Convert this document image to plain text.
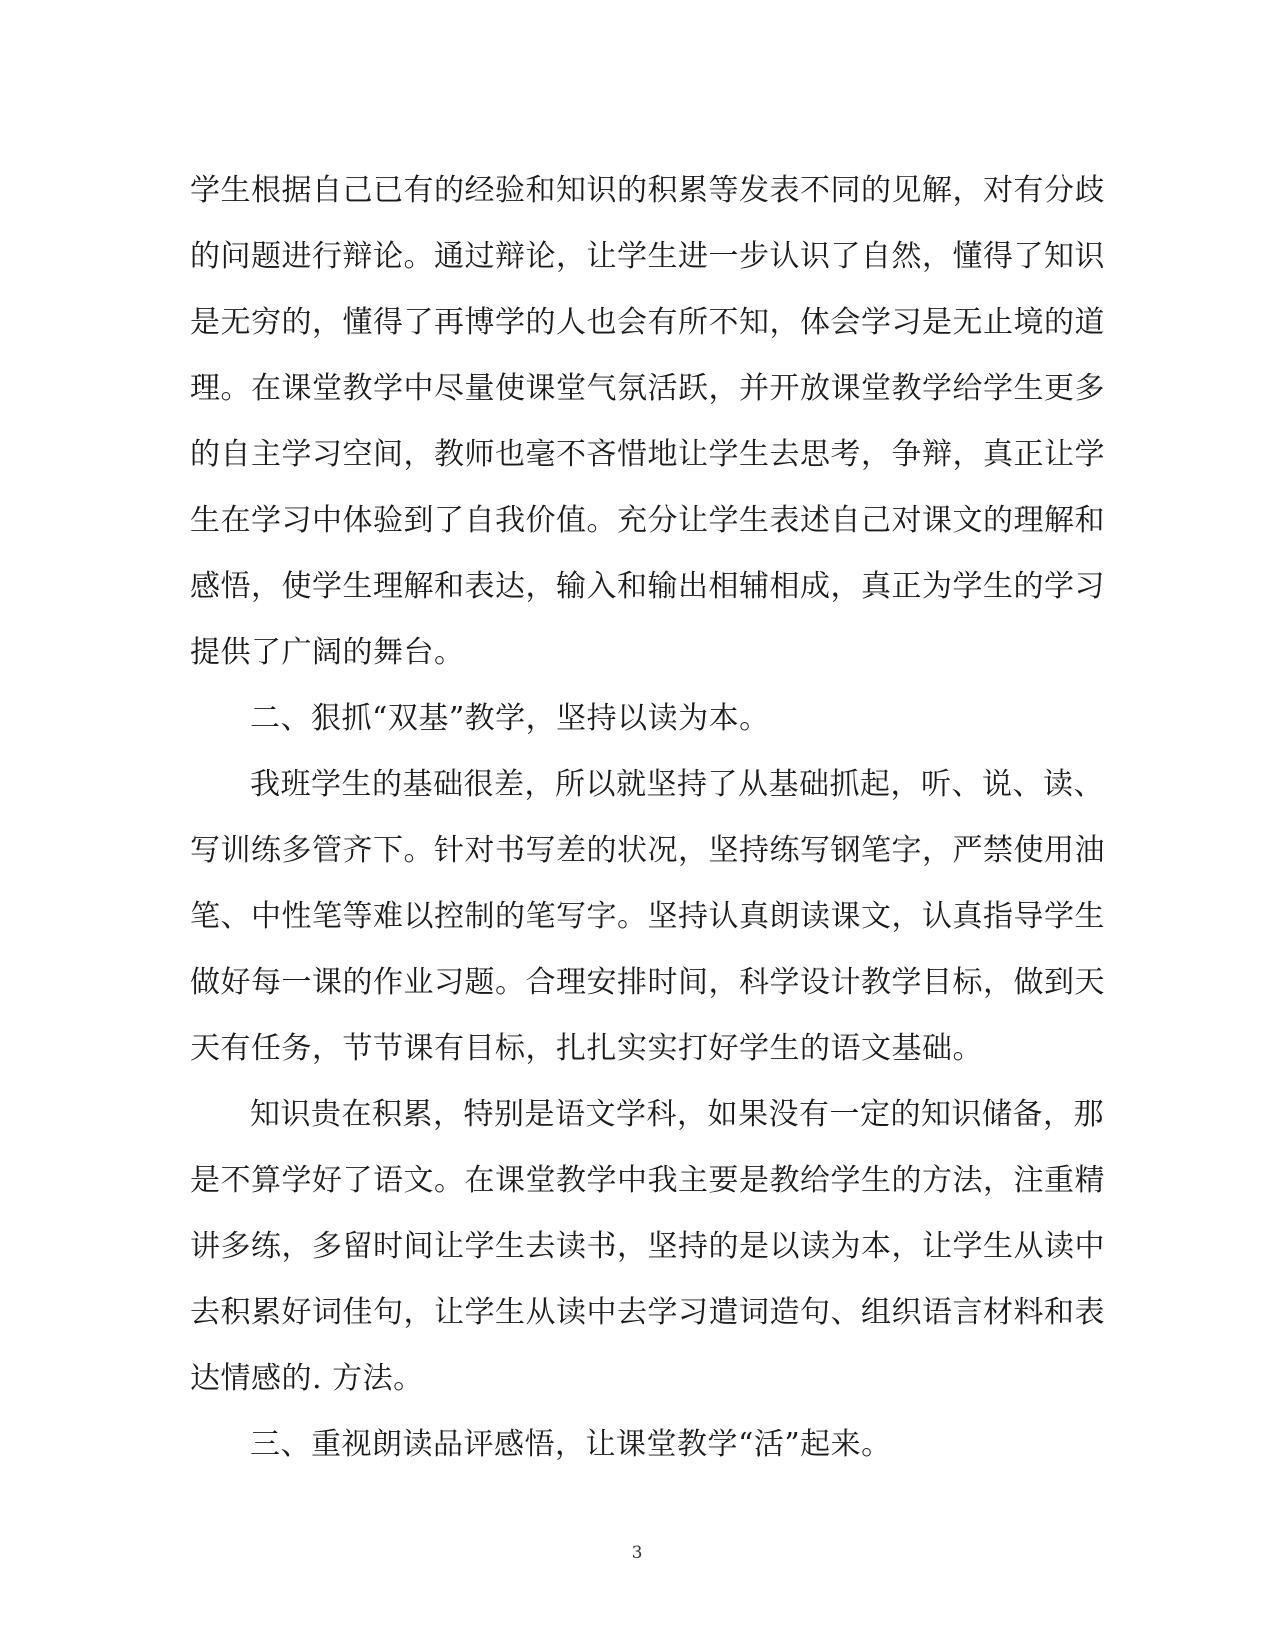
学生根据自己已有的经验和知识的积累等发表不同的见解，对有分歧
的问题进行辩论。通过辩论，让学生进一步认识了自然，懂得了知识
是无穷的，懂得了再博学的人也会有所不知，体会学习是无止境的道
理。在课堂教学中尽量使课堂气氛活跃，并开放课堂教学给学生更多
的自主学习空间，教师也毫不吝惜地让学生去思考，争辩，真正让学
生在学习中体验到了自我价值。充分让学生表述自己对课文的理解和
感悟，使学生理解和表达，输入和输出相辅相成，真正为学生的学习
提供了广阔的舞台。
二、狠抓“双基”教学，坚持以读为本。
我班学生的基础很差，所以就坚持了从基础抓起，听、说、读、
写训练多管齐下。针对书写差的状况，坚持练写钢笔字，严禁使用油
笔、中性笔等难以控制的笔写字。坚持认真朗读课文，认真指导学生
做好每一课的作业习题。合理安排时间，科学设计教学目标，做到天
天有任务，节节课有目标，扎扎实实打好学生的语文基础。
知识贵在积累，特别是语文学科，如果没有一定的知识储备，那
是不算学好了语文。在课堂教学中我主要是教给学生的方法，注重精
讲多练，多留时间让学生去读书，坚持的是以读为本，让学生从读中
去积累好词佳句，让学生从读中去学习遣词造句、组织语言材料和表
达情感的. 方法。
三、重视朗读品评感悟，让课堂教学“活”起来。
3
